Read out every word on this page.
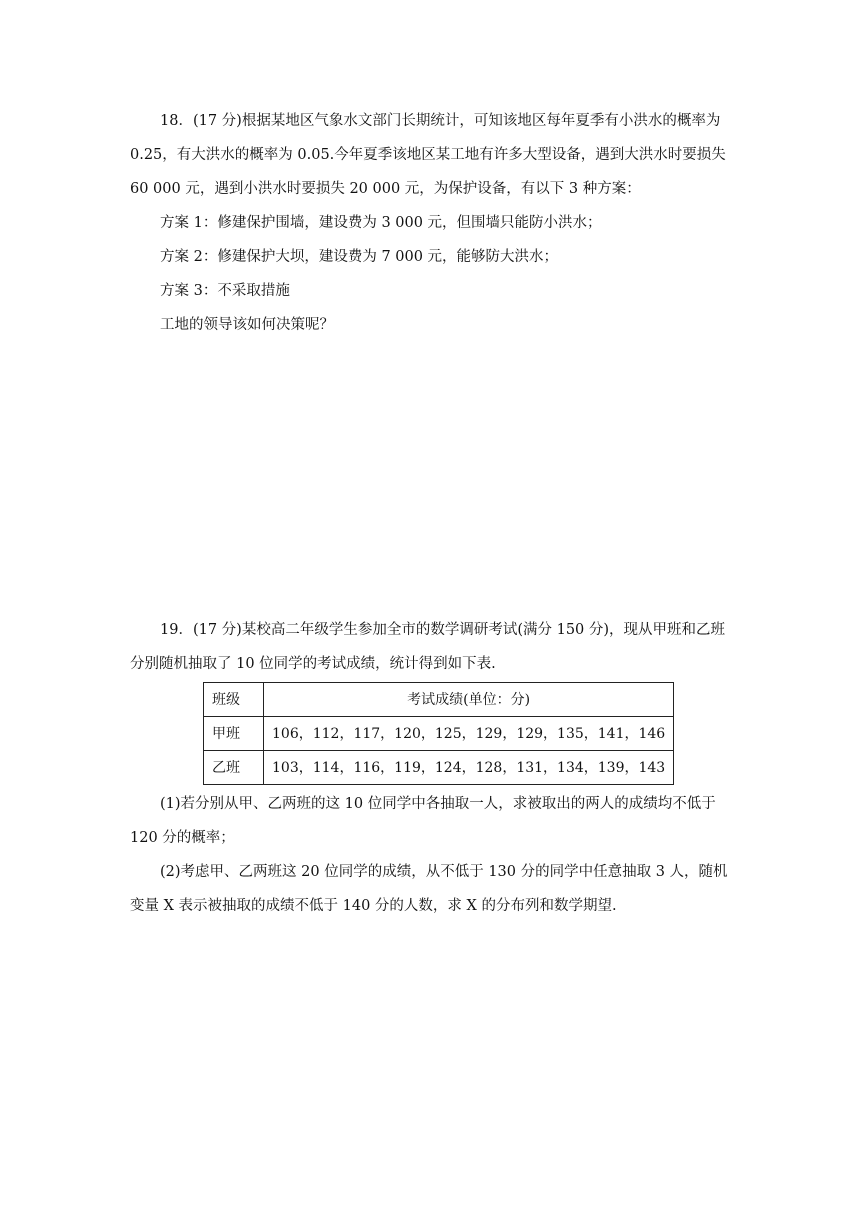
18．(17 分)根据某地区气象水文部门长期统计，可知该地区每年夏季有小洪水的概率为
0.25，有大洪水的概率为 0.05.今年夏季该地区某工地有许多大型设备，遇到大洪水时要损失
60 000 元，遇到小洪水时要损失 20 000 元，为保护设备，有以下 3 种方案：
方案 1：修建保护围墙，建设费为 3 000 元，但围墙只能防小洪水；
方案 2：修建保护大坝，建设费为 7 000 元，能够防大洪水；
方案 3：不采取措施
工地的领导该如何决策呢？
19．(17 分)某校高二年级学生参加全市的数学调研考试(满分 150 分)，现从甲班和乙班
分别随机抽取了 10 位同学的考试成绩，统计得到如下表.
班级	考试成绩(单位：分)
甲班	106，112，117，120，125，129，129，135，141，146
乙班	103，114，116，119，124，128，131，134，139，143
(1)若分别从甲、乙两班的这 10 位同学中各抽取一人，求被取出的两人的成绩均不低于
120 分的概率；
(2)考虑甲、乙两班这 20 位同学的成绩，从不低于 130 分的同学中任意抽取 3 人，随机
变量 X 表示被抽取的成绩不低于 140 分的人数，求 X 的分布列和数学期望.
